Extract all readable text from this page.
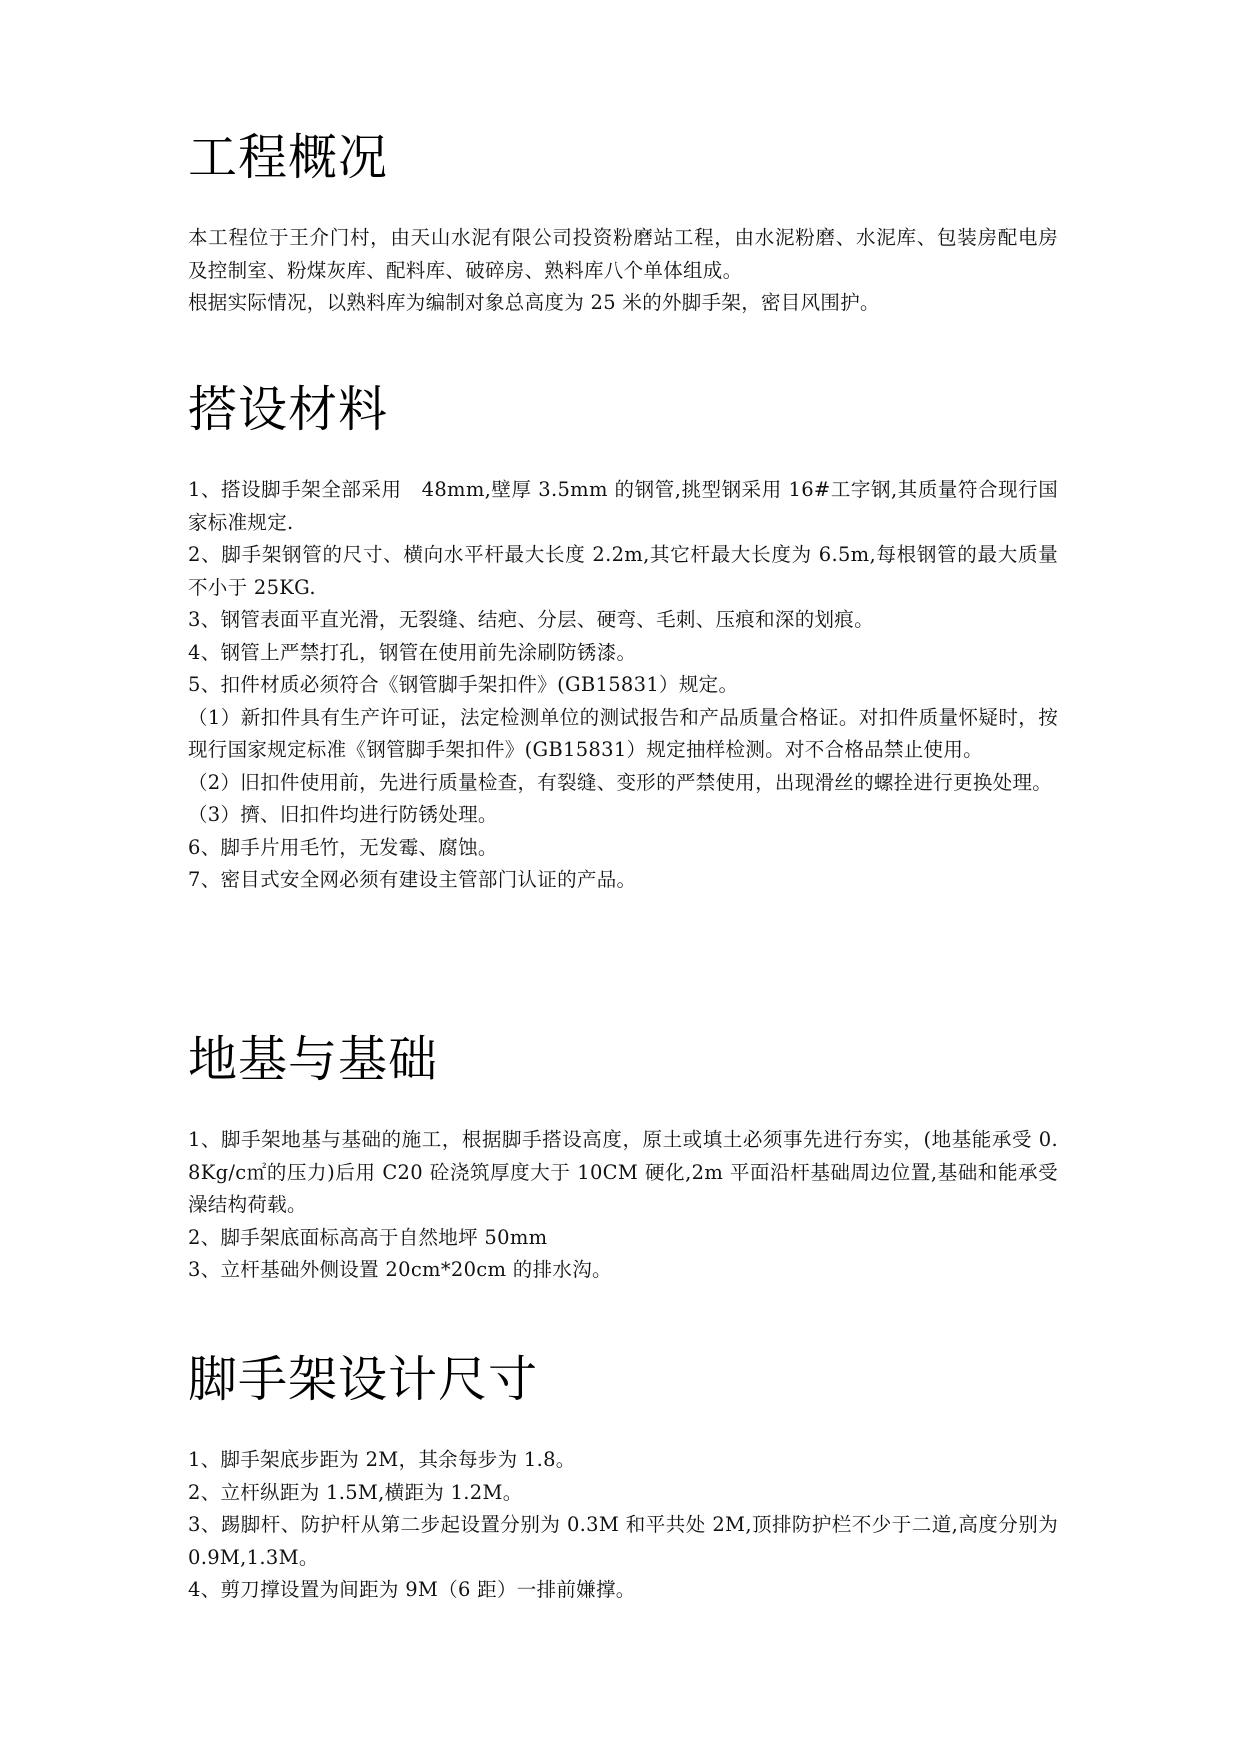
工程概况

本工程位于王介门村，由天山水泥有限公司投资粉磨站工程，由水泥粉磨、水泥库、包装房配电房及控制室、粉煤灰库、配料库、破碎房、熟料库八个单体组成。

根据实际情况，以熟料库为编制对象总高度为 25 米的外脚手架，密目风围护。

搭设材料

1、搭设脚手架全部采用　48mm,壁厚 3.5mm 的钢管,挑型钢采用 16#工字钢,其质量符合现行国家标准规定.

2、脚手架钢管的尺寸、横向水平杆最大长度 2.2m,其它杆最大长度为 6.5m,每根钢管的最大质量不小于 25KG.

3、钢管表面平直光滑，无裂缝、结疤、分层、硬弯、毛刺、压痕和深的划痕。

4、钢管上严禁打孔，钢管在使用前先涂刷防锈漆。

5、扣件材质必须符合《钢管脚手架扣件》(GB15831）规定。

（1）新扣件具有生产许可证，法定检测单位的测试报告和产品质量合格证。对扣件质量怀疑时，按现行国家规定标准《钢管脚手架扣件》(GB15831）规定抽样检测。对不合格品禁止使用。

（2）旧扣件使用前，先进行质量检查，有裂缝、变形的严禁使用，出现滑丝的螺拴进行更换处理。

（3）擠、旧扣件均进行防锈处理。

6、脚手片用毛竹，无发霉、腐蚀。

7、密目式安全网必须有建设主管部门认证的产品。

地基与基础

1、脚手架地基与基础的施工，根据脚手搭设高度，原土或填土必须事先进行夯实，(地基能承受 0.8Kg/c㎡的压力)后用 C20 砼浇筑厚度大于 10CM 硬化,2m 平面沿杆基础周边位置,基础和能承受澡结构荷载。

2、脚手架底面标高高于自然地坪 50mm

3、立杆基础外侧设置 20cm*20cm 的排水沟。

脚手架设计尺寸

1、脚手架底步距为 2M，其余每步为 1.8。

2、立杆纵距为 1.5M,横距为 1.2M。

3、踢脚杆、防护杆从第二步起设置分别为 0.3M 和平共处 2M,顶排防护栏不少于二道,高度分别为 0.9M,1.3M。

4、剪刀撑设置为间距为 9M（6 距）一排前嫌撑。
